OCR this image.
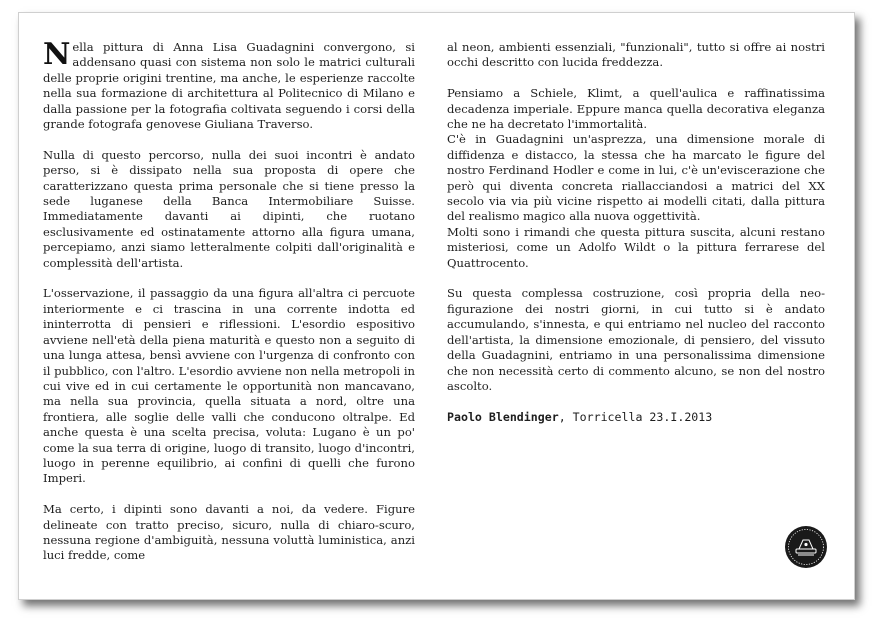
Nella pittura di Anna Lisa Guadagnini convergono, si addensano quasi con sistema non solo le matrici culturali delle proprie origini trentine, ma anche, le esperienze raccolte nella sua formazione di architettura al Politecnico di Milano e dalla passione per la fotografia coltivata seguendo i corsi della grande fotografa genovese Giuliana Traverso.

Nulla di questo percorso, nulla dei suoi incontri è andato perso, si è dissipato nella sua proposta di opere che caratterizzano questa prima personale che si tiene presso la sede luganese della Banca Intermobiliare Suisse. Immediatamente davanti ai dipinti, che ruotano esclusivamente ed ostinatamente attorno alla figura umana, percepiamo, anzi siamo letteralmente colpiti dall'originalità e complessità dell'artista.

L'osservazione, il passaggio da una figura all'altra ci percuote interiormente e ci trascina in una corrente indotta ed ininterrotta di pensieri e riflessioni. L'esordio espositivo avviene nell'età della piena maturità e questo non a seguito di una lunga attesa, bensì avviene con l'urgenza di confronto con il pubblico, con l'altro. L'esordio avviene non nella metropoli in cui vive ed in cui certamente le opportunità non mancavano, ma nella sua provincia, quella situata a nord, oltre una frontiera, alle soglie delle valli che conducono oltralpe. Ed anche questa è una scelta precisa, voluta: Lugano è un po' come la sua terra di origine, luogo di transito, luogo d'incontri, luogo in perenne equilibrio, ai confini di quelli che furono Imperi.

Ma certo, i dipinti sono davanti a noi, da vedere. Figure delineate con tratto preciso, sicuro, nulla di chiaro-scuro, nessuna regione d'ambiguità, nessuna voluttà luministica, anzi luci fredde, come

al neon, ambienti essenziali, "funzionali", tutto si offre ai nostri occhi descritto con lucida freddezza.

Pensiamo a Schiele, Klimt, a quell'aulica e raffinatissima decadenza imperiale. Eppure manca quella decorativa eleganza che ne ha decretato l'immortalità.

C'è in Guadagnini un'asprezza, una dimensione morale di diffidenza e distacco, la stessa che ha marcato le figure del nostro Ferdinand Hodler e come in lui, c'è un'eviscerazione che però qui diventa concreta riallacciandosi a matrici del XX secolo via via più vicine rispetto ai modelli citati, dalla pittura del realismo magico alla nuova oggettività.

Molti sono i rimandi che questa pittura suscita, alcuni restano misteriosi, come un Adolfo Wildt o la pittura ferrarese del Quattrocento.

Su questa complessa costruzione, così propria della neo-figurazione dei nostri giorni, in cui tutto si è andato accumulando, s'innesta, e qui entriamo nel nucleo del racconto dell'artista, la dimensione emozionale, di pensiero, del vissuto della Guadagnini, entriamo in una personalissima dimensione che non necessità certo di commento alcuno, se non del nostro ascolto.

Paolo Blendinger, Torricella 23.I.2013
